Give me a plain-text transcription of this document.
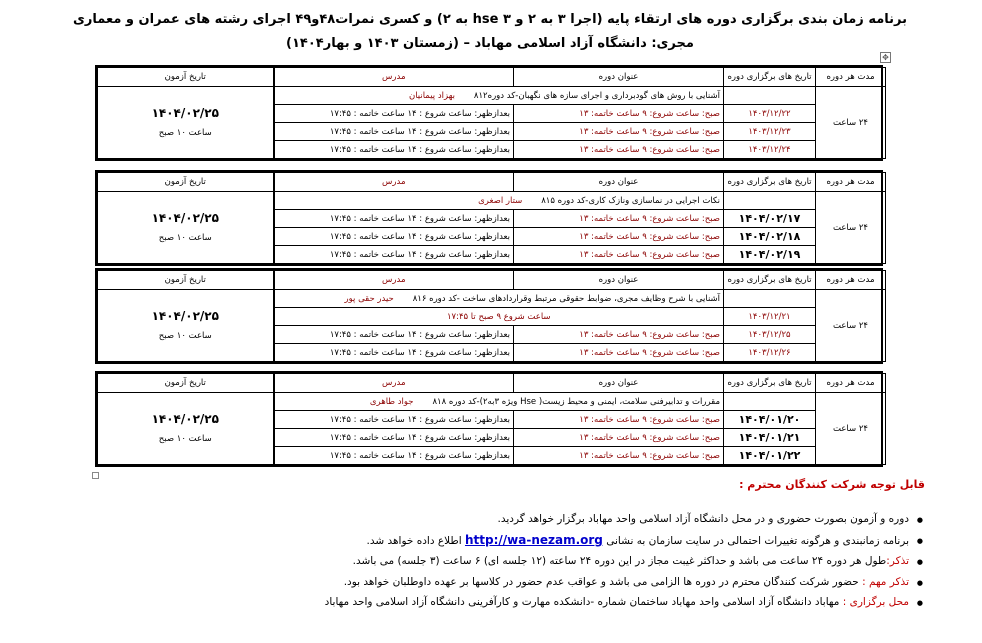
برنامه زمان بندی برگزاری دوره های ارتقاء پایه (اجرا ۳ به ۲ و hse ۳ به ۲) و کسری نمرات۴۸و۴۹ اجرای رشته های عمران و معماری
مجری: دانشگاه آزاد اسلامی مهاباد – (زمستان ۱۴۰۳ و بهار۱۴۰۴)
✥
مدت هر دوره	تاریخ های برگزاری دوره	عنوان دوره	مدرس	تاریخ آزمون
۲۴ ساعت		آشنایی با روش های گودبرداری و اجرای سازه های نگهبان-کد دوره۸۱۲       بهزاد پیمانیان		۱۴۰۴/۰۲/۲۵
ساعت ۱۰ صبح

	۱۴۰۳/۱۲/۲۲	صبح: ساعت شروع: ۹ ساعت خاتمه: ۱۳	بعدازظهر: ساعت شروع : ۱۴ ساعت خاتمه : ۱۷:۴۵	
	۱۴۰۳/۱۲/۲۳	صبح: ساعت شروع: ۹ ساعت خاتمه: ۱۳	بعدازظهر: ساعت شروع : ۱۴ ساعت خاتمه : ۱۷:۴۵	
	۱۴۰۳/۱۲/۲۴	صبح: ساعت شروع: ۹ ساعت خاتمه: ۱۳	بعدازظهر: ساعت شروع : ۱۴ ساعت خاتمه : ۱۷:۴۵	
مدت هر دوره	تاریخ های برگزاری دوره	عنوان دوره	مدرس	تاریخ آزمون
۲۴ ساعت		نکات اجرایی در نماسازی ونازک کاری-کد دوره ۸۱۵       ستار اصغری		۱۴۰۴/۰۲/۲۵
ساعت ۱۰ صبح

	۱۴۰۴/۰۲/۱۷	صبح: ساعت شروع: ۹ ساعت خاتمه: ۱۳	بعدازظهر: ساعت شروع : ۱۴ ساعت خاتمه : ۱۷:۴۵	
	۱۴۰۴/۰۲/۱۸	صبح: ساعت شروع: ۹ ساعت خاتمه: ۱۳	بعدازظهر: ساعت شروع : ۱۴ ساعت خاتمه : ۱۷:۴۵	
	۱۴۰۴/۰۲/۱۹	صبح: ساعت شروع: ۹ ساعت خاتمه: ۱۳	بعدازظهر: ساعت شروع : ۱۴ ساعت خاتمه : ۱۷:۴۵	
مدت هر دوره	تاریخ های برگزاری دوره	عنوان دوره	مدرس	تاریخ آزمون
۲۴ ساعت		آشنایی با شرح وظایف مجری، ضوابط حقوقی مرتبط وقراردادهای ساخت -کد دوره ۸۱۶       حیدر حقی پور		۱۴۰۴/۰۲/۲۵
ساعت ۱۰ صبح

	۱۴۰۳/۱۲/۲۱	ساعت شروع ۹ صبح تا ۱۷:۴۵		
	۱۴۰۳/۱۲/۲۵	صبح: ساعت شروع: ۹ ساعت خاتمه: ۱۳	بعدازظهر: ساعت شروع : ۱۴ ساعت خاتمه : ۱۷:۴۵	
	۱۴۰۳/۱۲/۲۶	صبح: ساعت شروع: ۹ ساعت خاتمه: ۱۳	بعدازظهر: ساعت شروع : ۱۴ ساعت خاتمه : ۱۷:۴۵	
مدت هر دوره	تاریخ های برگزاری دوره	عنوان دوره	مدرس	تاریخ آزمون
۲۴ ساعت		مقررات و تدابیرفنی سلامت، ایمنی و محیط زیست( Hse ویژه ۳به۲)-کد دوره ۸۱۸       جواد طاهری		۱۴۰۴/۰۲/۲۵
ساعت ۱۰ صبح

	۱۴۰۴/۰۱/۲۰	صبح: ساعت شروع: ۹ ساعت خاتمه: ۱۳	بعدازظهر: ساعت شروع : ۱۴ ساعت خاتمه : ۱۷:۴۵	
	۱۴۰۴/۰۱/۲۱	صبح: ساعت شروع: ۹ ساعت خاتمه: ۱۳	بعدازظهر: ساعت شروع : ۱۴ ساعت خاتمه : ۱۷:۴۵	
	۱۴۰۴/۰۱/۲۲	صبح: ساعت شروع: ۹ ساعت خاتمه: ۱۳	بعدازظهر: ساعت شروع : ۱۴ ساعت خاتمه : ۱۷:۴۵	
قابل توجه شرکت کنندگان محترم :
● دوره و آزمون بصورت حضوری و در محل دانشگاه آزاد اسلامی واحد مهاباد برگزار خواهد گردید.
● برنامه زمانبندی و هرگونه تغییرات احتمالی در سایت سازمان به نشانی http://wa-nezam.org اطلاع داده خواهد شد.
● تذکر:طول هر دوره ۲۴ ساعت می باشد و حداکثر غیبت مجاز در این دوره ۲۴ ساعته (۱۲ جلسه ای) ۶ ساعت (۳ جلسه) می باشد.
● تذکر مهم : حضور شرکت کنندگان محترم در دوره ها الزامی می باشد و عواقب عدم حضور در کلاسها بر عهده داوطلبان خواهد بود.
● محل برگزاری : مهاباد دانشگاه آزاد اسلامی واحد مهاباد ساختمان شماره -دانشکده مهارت و کارآفرینی دانشگاه آزاد اسلامی واحد مهاباد
